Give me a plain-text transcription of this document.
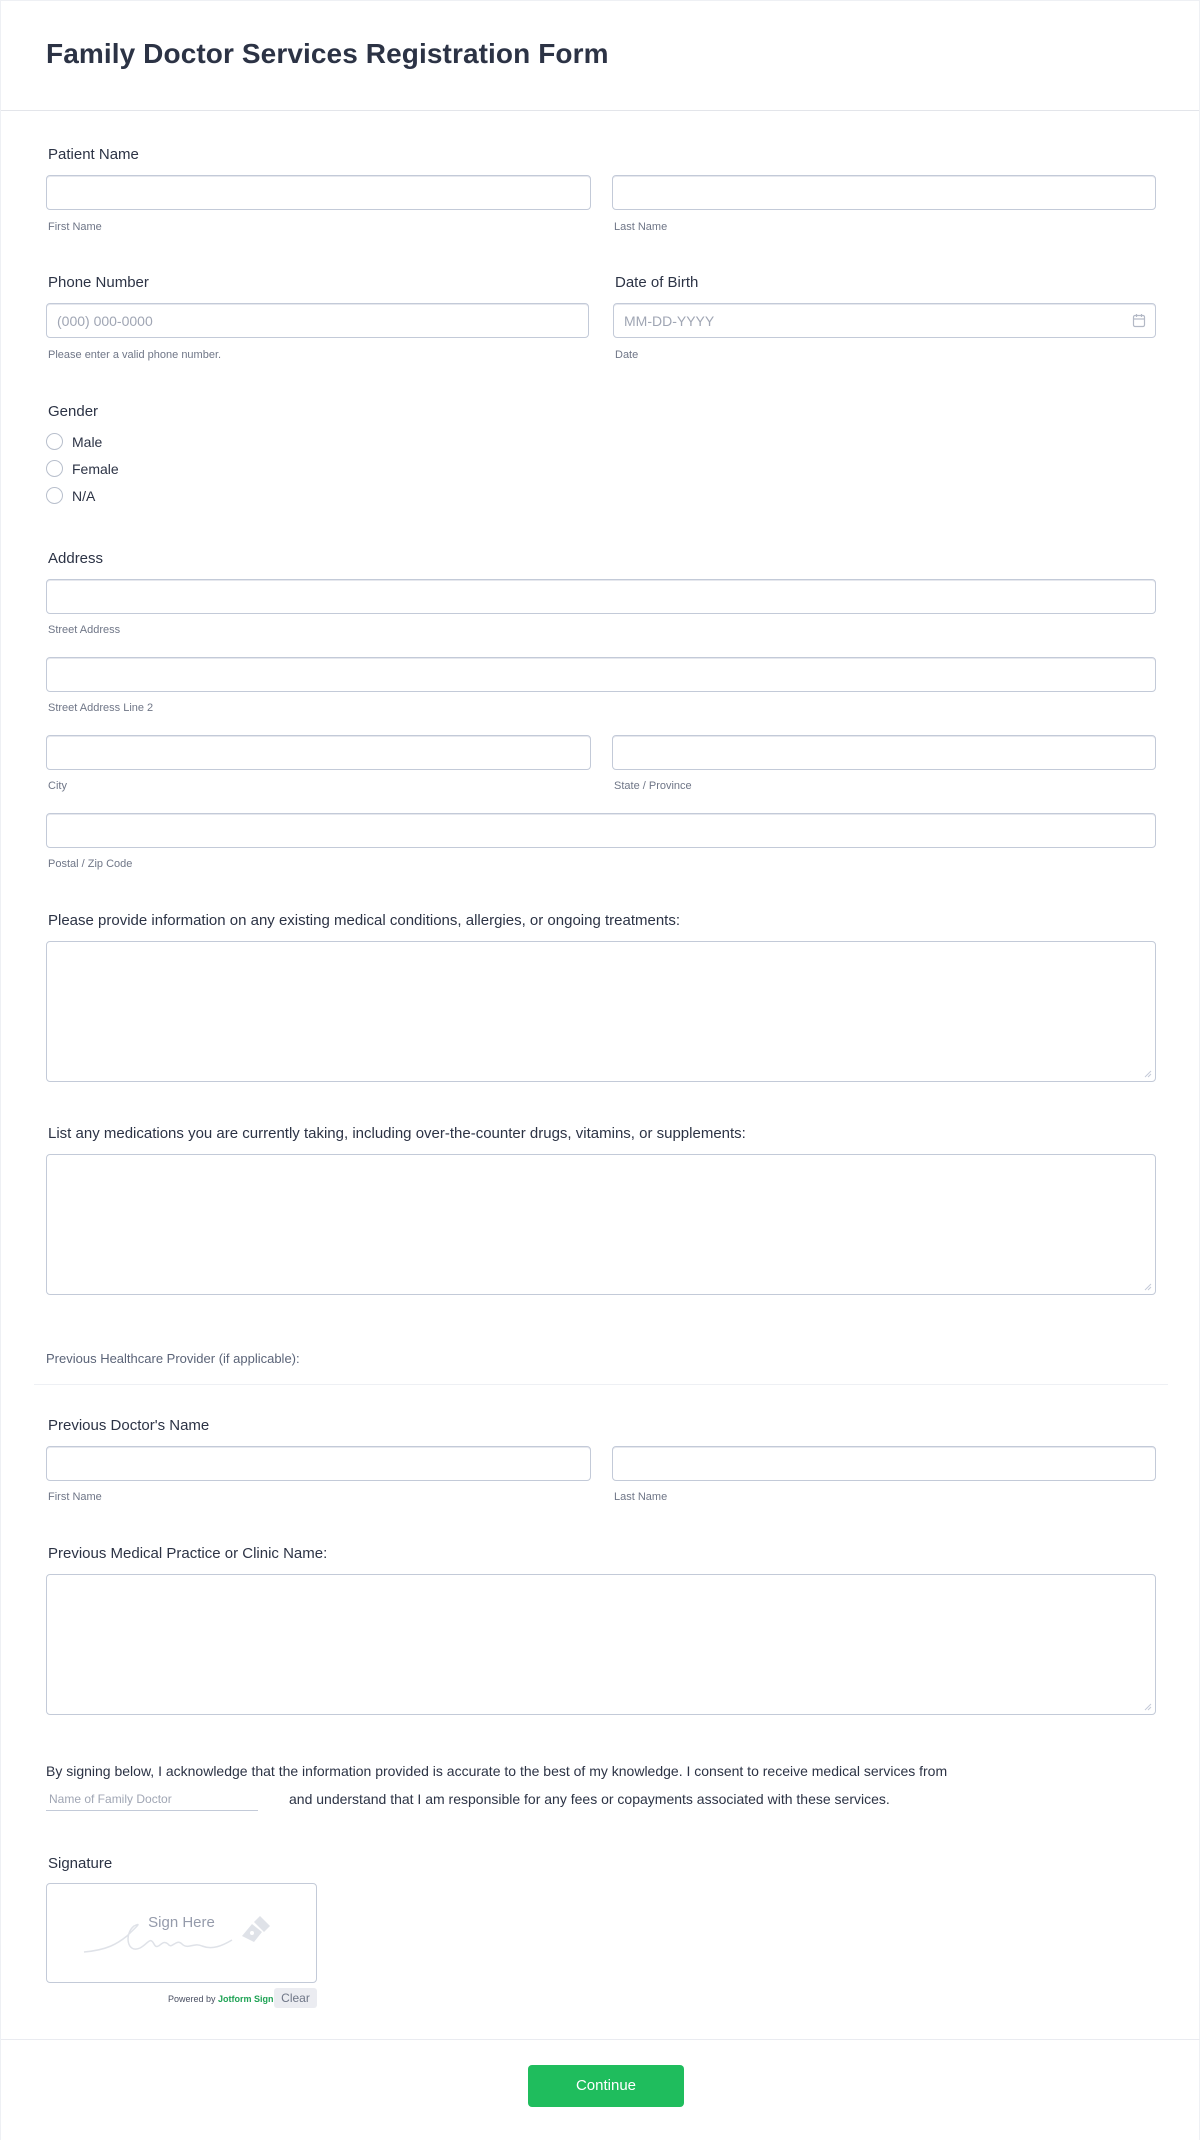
Family Doctor Services Registration Form
Patient Name
First Name	Last Name
Phone Number
(000) 000-0000
Please enter a valid phone number.
Date of Birth
MM-DD-YYYY
Date
Gender
Male
Female
N/A
Address
Street Address
Street Address Line 2
City	State / Province
Postal / Zip Code
Please provide information on any existing medical conditions, allergies, or ongoing treatments:
List any medications you are currently taking, including over-the-counter drugs, vitamins, or supplements:
Previous Healthcare Provider (if applicable):
Previous Doctor's Name
First Name	Last Name
Previous Medical Practice or Clinic Name:
By signing below, I acknowledge that the information provided is accurate to the best of my knowledge. I consent to receive medical services from
Name of Family Doctor	and understand that I am responsible for any fees or copayments associated with these services.
Signature
Sign Here
Powered by Jotform Sign Clear
Continue
